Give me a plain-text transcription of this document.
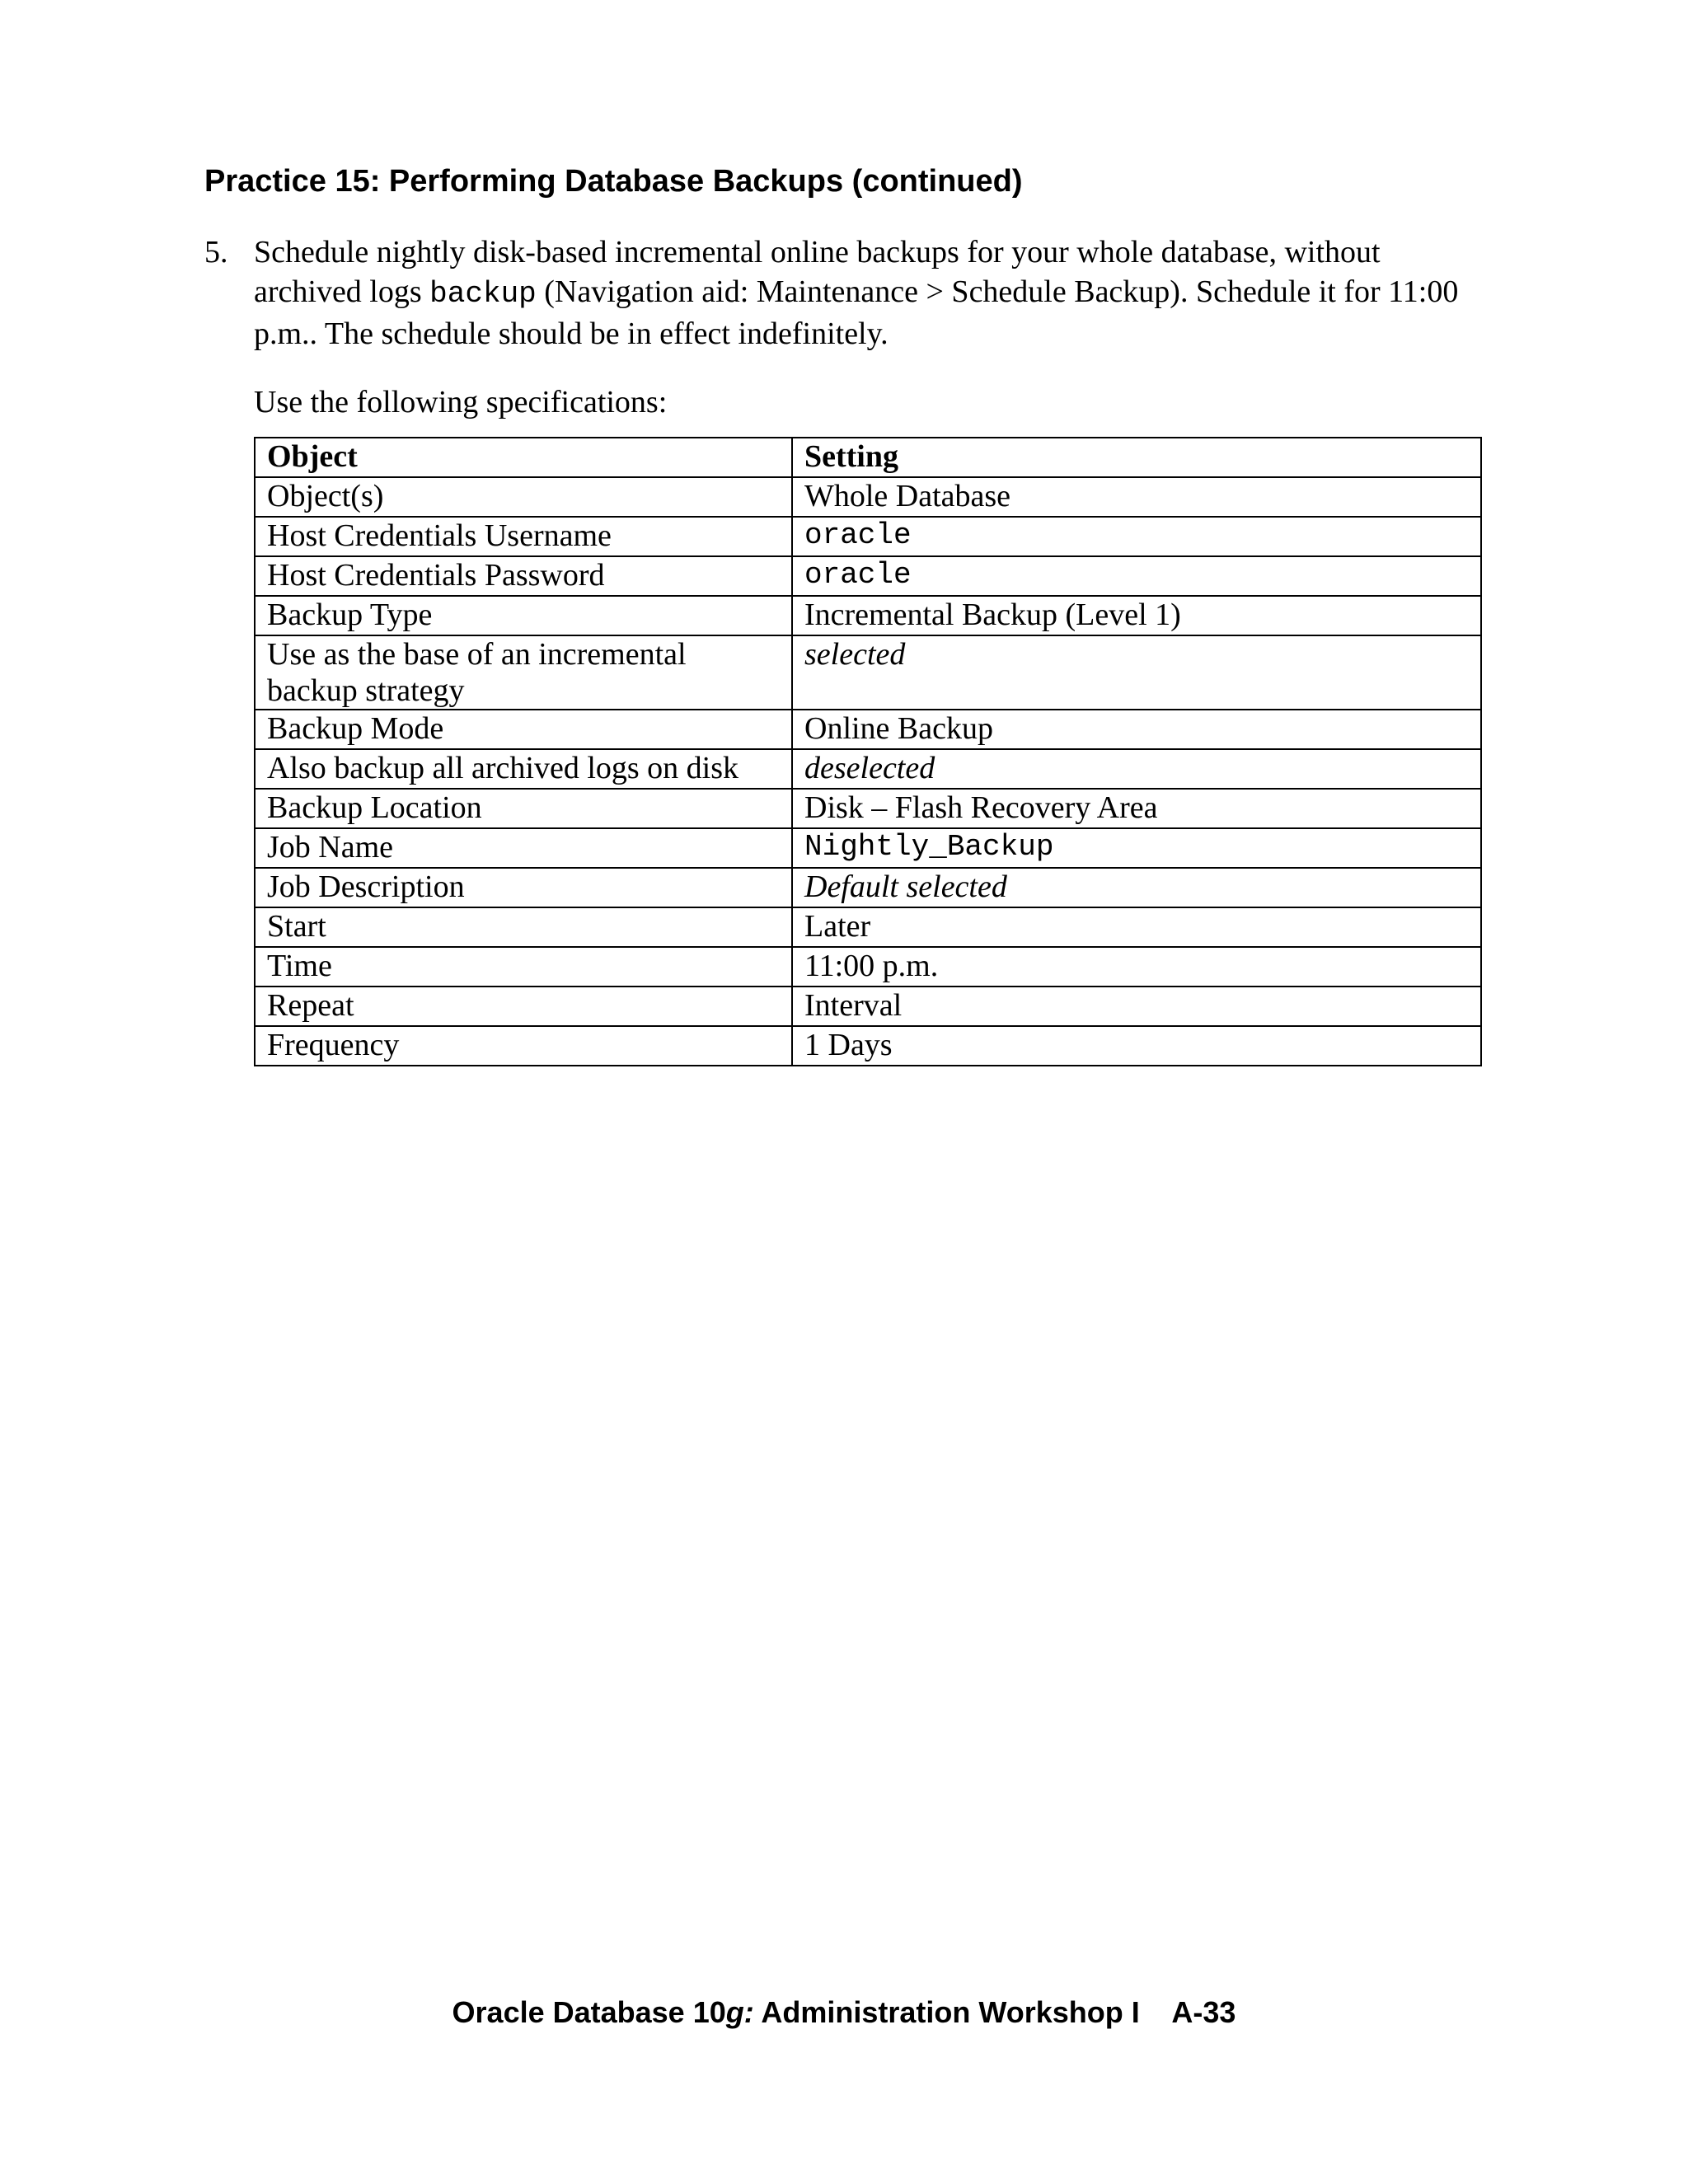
Practice 15: Performing Database Backups (continued)
5. Schedule nightly disk-based incremental online backups for your whole database, without archived logs backup (Navigation aid: Maintenance > Schedule Backup). Schedule it for 11:00 p.m.. The schedule should be in effect indefinitely.
Use the following specifications:
Object	Setting
Object(s)	Whole Database
Host Credentials Username	oracle
Host Credentials Password	oracle
Backup Type	Incremental Backup (Level 1)
Use as the base of an incremental backup strategy	selected
Backup Mode	Online Backup
Also backup all archived logs on disk	deselected
Backup Location	Disk – Flash Recovery Area
Job Name	Nightly_Backup
Job Description	Default selected
Start	Later
Time	11:00 p.m.
Repeat	Interval
Frequency	1 Days
Oracle Database 10g: Administration Workshop I    A-33
